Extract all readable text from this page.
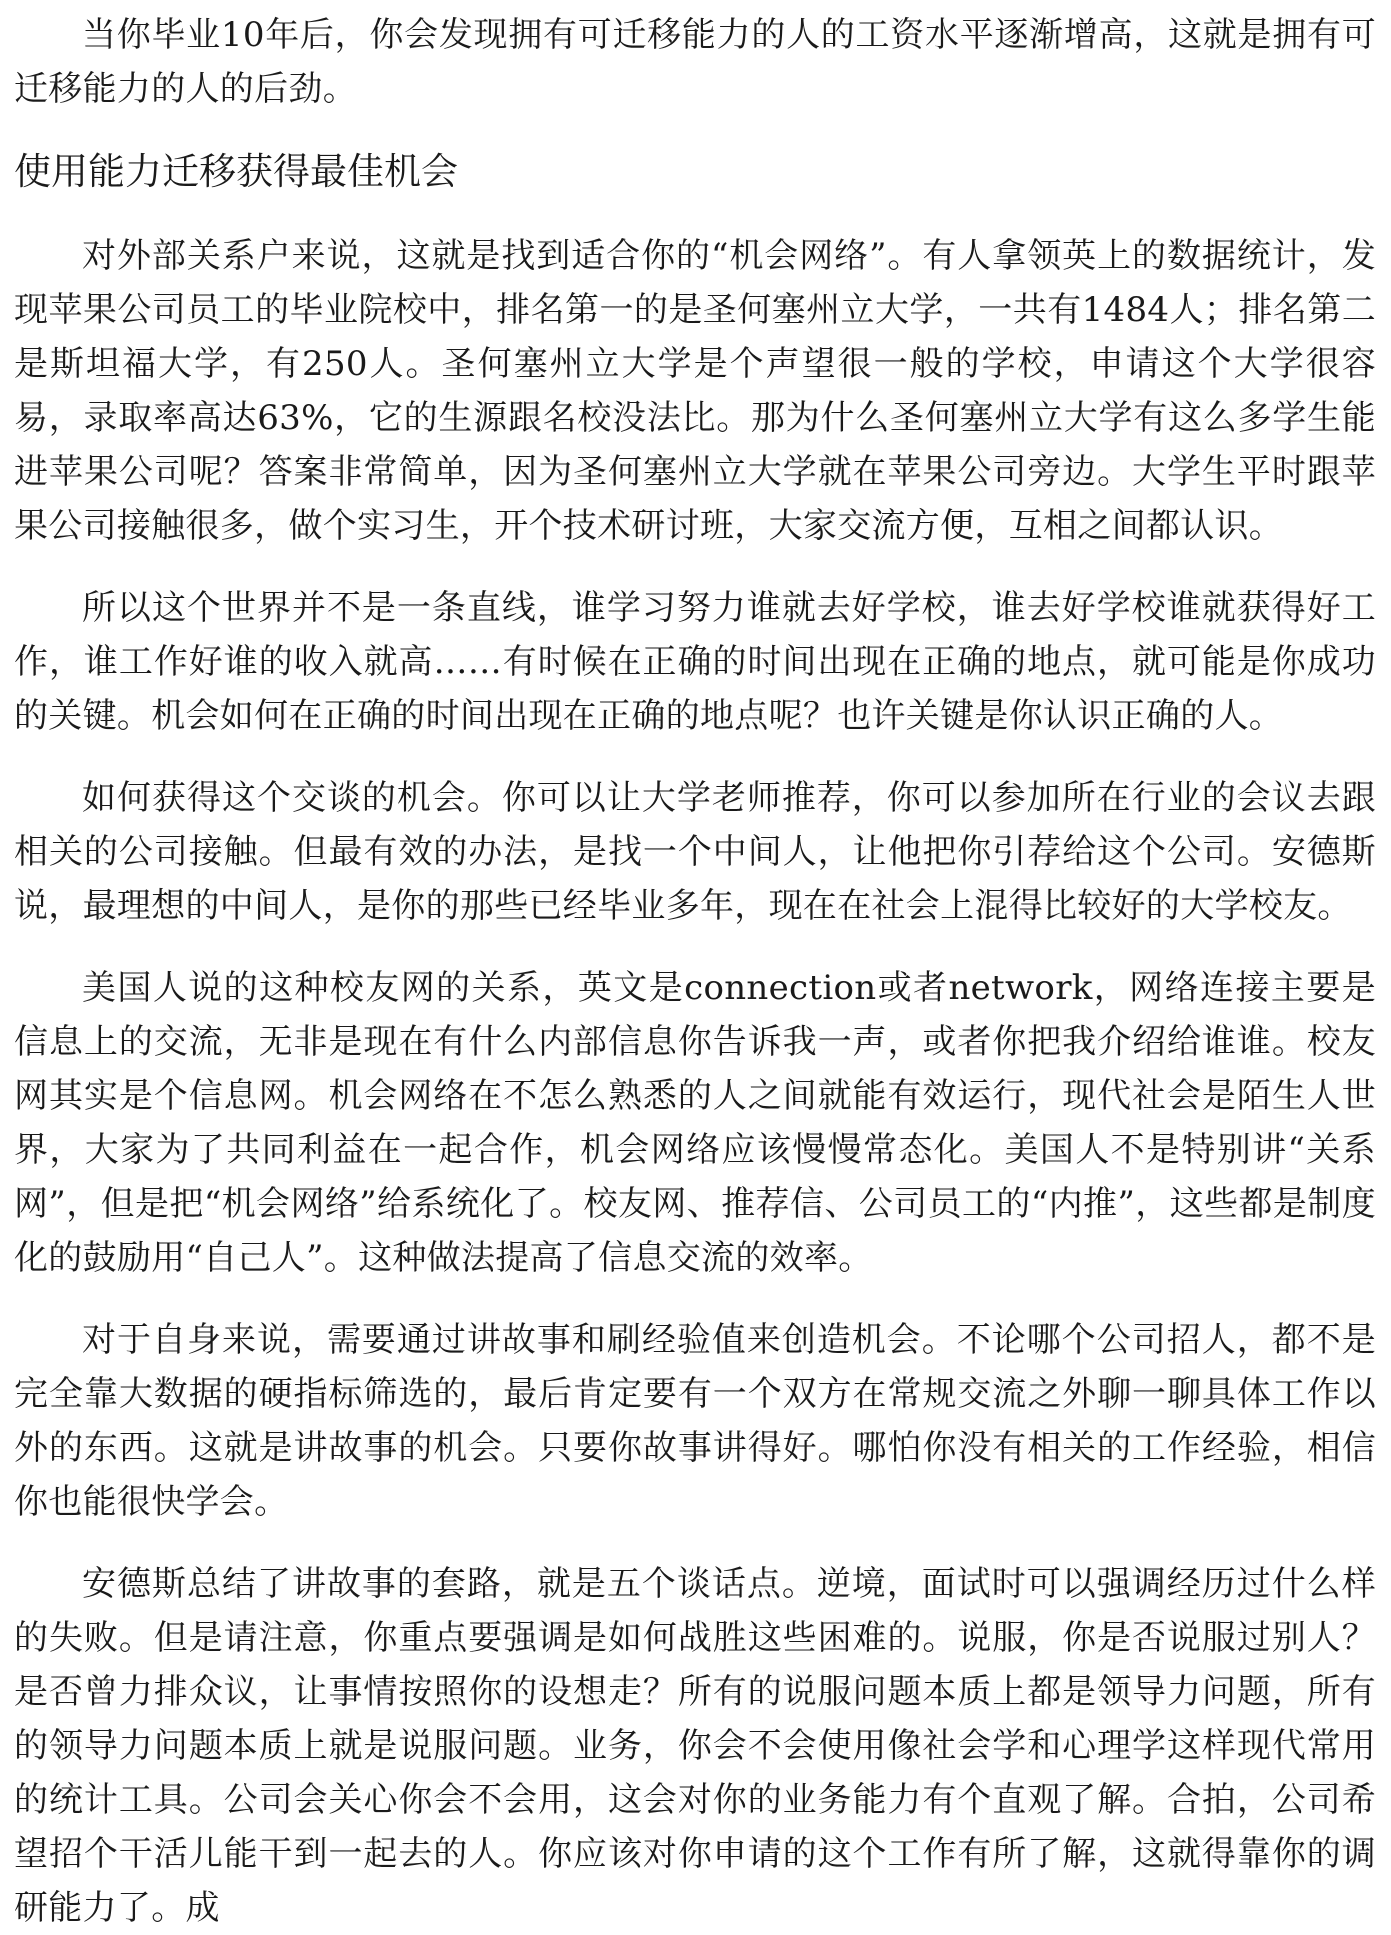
当你毕业10年后，你会发现拥有可迁移能力的人的工资水平逐渐增高，这就是拥有可迁移能力的人的后劲。

使用能力迁移获得最佳机会

对外部关系户来说，这就是找到适合你的“机会网络”。有人拿领英上的数据统计，发现苹果公司员工的毕业院校中，排名第一的是圣何塞州立大学，一共有1484人；排名第二是斯坦福大学，有250人。圣何塞州立大学是个声望很一般的学校，申请这个大学很容易，录取率高达63%，它的生源跟名校没法比。那为什么圣何塞州立大学有这么多学生能进苹果公司呢？答案非常简单，因为圣何塞州立大学就在苹果公司旁边。大学生平时跟苹果公司接触很多，做个实习生，开个技术研讨班，大家交流方便，互相之间都认识。

所以这个世界并不是一条直线，谁学习努力谁就去好学校，谁去好学校谁就获得好工作，谁工作好谁的收入就高……有时候在正确的时间出现在正确的地点，就可能是你成功的关键。机会如何在正确的时间出现在正确的地点呢？也许关键是你认识正确的人。

如何获得这个交谈的机会。你可以让大学老师推荐，你可以参加所在行业的会议去跟相关的公司接触。但最有效的办法，是找一个中间人，让他把你引荐给这个公司。安德斯说，最理想的中间人，是你的那些已经毕业多年，现在在社会上混得比较好的大学校友。

美国人说的这种校友网的关系，英文是connection或者network，网络连接主要是信息上的交流，无非是现在有什么内部信息你告诉我一声，或者你把我介绍给谁谁。校友网其实是个信息网。机会网络在不怎么熟悉的人之间就能有效运行，现代社会是陌生人世界，大家为了共同利益在一起合作，机会网络应该慢慢常态化。美国人不是特别讲“关系网”，但是把“机会网络”给系统化了。校友网、推荐信、公司员工的“内推”，这些都是制度化的鼓励用“自己人”。这种做法提高了信息交流的效率。

对于自身来说，需要通过讲故事和刷经验值来创造机会。不论哪个公司招人，都不是完全靠大数据的硬指标筛选的，最后肯定要有一个双方在常规交流之外聊一聊具体工作以外的东西。这就是讲故事的机会。只要你故事讲得好。哪怕你没有相关的工作经验，相信你也能很快学会。

安德斯总结了讲故事的套路，就是五个谈话点。逆境，面试时可以强调经历过什么样的失败。但是请注意，你重点要强调是如何战胜这些困难的。说服，你是否说服过别人？是否曾力排众议，让事情按照你的设想走？所有的说服问题本质上都是领导力问题，所有的领导力问题本质上就是说服问题。业务，你会不会使用像社会学和心理学这样现代常用的统计工具。公司会关心你会不会用，这会对你的业务能力有个直观了解。合拍，公司希望招个干活儿能干到一起去的人。你应该对你申请的这个工作有所了解，这就得靠你的调研能力了。成
